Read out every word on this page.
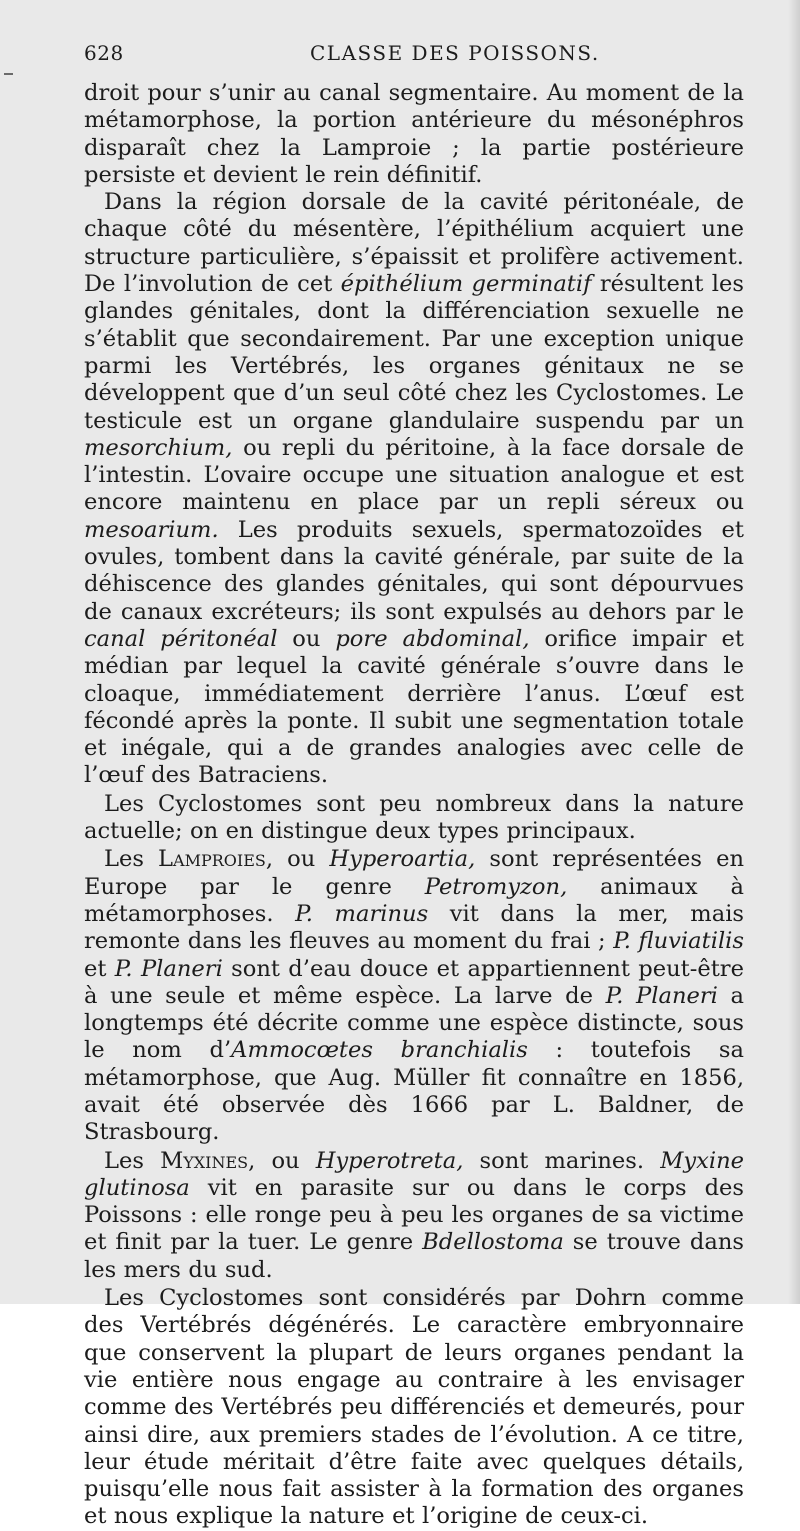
628	CLASSE DES POISSONS.

droit pour s’unir au canal segmentaire. Au moment de la métamorphose, la portion antérieure du mésonéphros disparaît chez la Lamproie ; la partie postérieure persiste et devient le rein définitif.

Dans la région dorsale de la cavité péritonéale, de chaque côté du mésentère, l’épithélium acquiert une structure particulière, s’épaissit et prolifère activement. De l’involution de cet épithélium germinatif résultent les glandes génitales, dont la différenciation sexuelle ne s’établit que secondairement. Par une exception unique parmi les Vertébrés, les organes génitaux ne se développent que d’un seul côté chez les Cyclostomes. Le testicule est un organe glandulaire suspendu par un mesorchium, ou repli du péritoine, à la face dorsale de l’intestin. L’ovaire occupe une situation analogue et est encore maintenu en place par un repli séreux ou mesoarium. Les produits sexuels, spermatozoïdes et ovules, tombent dans la cavité générale, par suite de la déhiscence des glandes génitales, qui sont dépourvues de canaux excréteurs; ils sont expulsés au dehors par le canal péritonéal ou pore abdominal, orifice impair et médian par lequel la cavité générale s’ouvre dans le cloaque, immédiatement derrière l’anus. L’œuf est fécondé après la ponte. Il subit une segmentation totale et inégale, qui a de grandes analogies avec celle de l’œuf des Batraciens.

Les Cyclostomes sont peu nombreux dans la nature actuelle; on en distingue deux types principaux.

Les Lamproies, ou Hyperoartia, sont représentées en Europe par le genre Petromyzon, animaux à métamorphoses. P. marinus vit dans la mer, mais remonte dans les fleuves au moment du frai ; P. fluviatilis et P. Planeri sont d’eau douce et appartiennent peut-être à une seule et même espèce. La larve de P. Planeri a longtemps été décrite comme une espèce distincte, sous le nom d’Ammocœtes branchialis : toutefois sa métamorphose, que Aug. Müller fit connaître en 1856, avait été observée dès 1666 par L. Baldner, de Strasbourg.

Les Myxines, ou Hyperotreta, sont marines. Myxine glutinosa vit en parasite sur ou dans le corps des Poissons : elle ronge peu à peu les organes de sa victime et finit par la tuer. Le genre Bdellostoma se trouve dans les mers du sud.

Les Cyclostomes sont considérés par Dohrn comme des Vertébrés dégénérés. Le caractère embryonnaire que conservent la plupart de leurs organes pendant la vie entière nous engage au contraire à les envisager comme des Vertébrés peu différenciés et demeurés, pour ainsi dire, aux premiers stades de l’évolution. A ce titre, leur étude méritait d’être faite avec quelques détails, puisqu’elle nous fait assister à la formation des organes et nous explique la nature et l’origine de ceux-ci.
